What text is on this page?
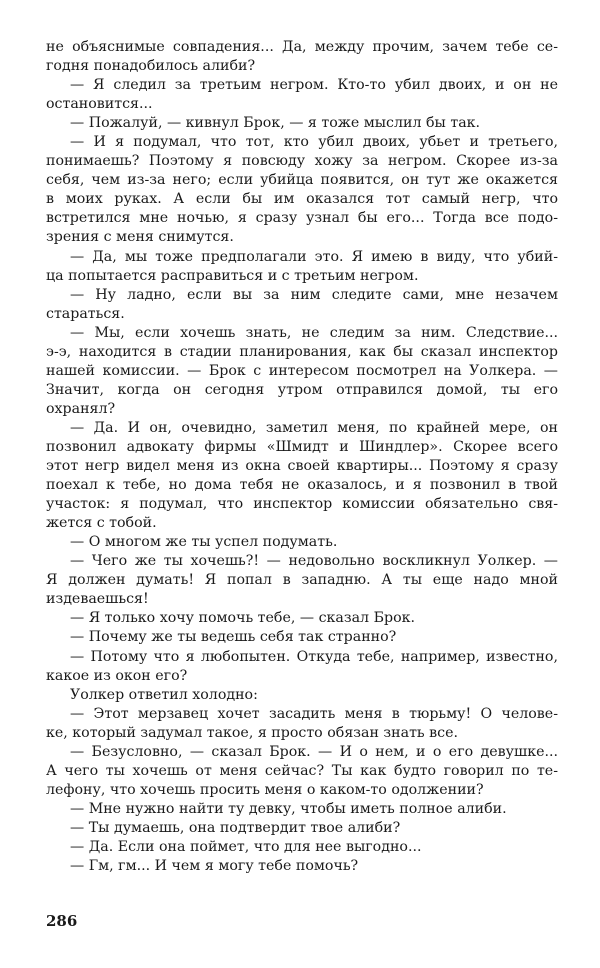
не объяснимые совпадения... Да, между прочим, зачем тебе се-
годня понадобилось алиби?
— Я следил за третьим негром. Кто-то убил двоих, и он не
остановится...
— Пожалуй, — кивнул Брок, — я тоже мыслил бы так.
— И я подумал, что тот, кто убил двоих, убьет и третьего,
понимаешь? Поэтому я повсюду хожу за негром. Скорее из-за
себя, чем из-за него; если убийца появится, он тут же окажется
в моих руках. А если бы им оказался тот самый негр, что
встретился мне ночью, я сразу узнал бы его... Тогда все подо-
зрения с меня снимутся.
— Да, мы тоже предполагали это. Я имею в виду, что убий-
ца попытается расправиться и с третьим негром.
— Ну ладно, если вы за ним следите сами, мне незачем
стараться.
— Мы, если хочешь знать, не следим за ним. Следствие...
э-э, находится в стадии планирования, как бы сказал инспектор
нашей комиссии. — Брок с интересом посмотрел на Уолкера. —
Значит, когда он сегодня утром отправился домой, ты его
охранял?
— Да. И он, очевидно, заметил меня, по крайней мере, он
позвонил адвокату фирмы «Шмидт и Шиндлер». Скорее всего
этот негр видел меня из окна своей квартиры... Поэтому я сразу
поехал к тебе, но дома тебя не оказалось, и я позвонил в твой
участок: я подумал, что инспектор комиссии обязательно свя-
жется с тобой.
— О многом же ты успел подумать.
— Чего же ты хочешь?! — недовольно воскликнул Уолкер. —
Я должен думать! Я попал в западню. А ты еще надо мной
издеваешься!
— Я только хочу помочь тебе, — сказал Брок.
— Почему же ты ведешь себя так странно?
— Потому что я любопытен. Откуда тебе, например, известно,
какое из окон его?
Уолкер ответил холодно:
— Этот мерзавец хочет засадить меня в тюрьму! О челове-
ке, который задумал такое, я просто обязан знать все.
— Безусловно, — сказал Брок. — И о нем, и о его девушке...
А чего ты хочешь от меня сейчас? Ты как будто говорил по те-
лефону, что хочешь просить меня о каком-то одолжении?
— Мне нужно найти ту девку, чтобы иметь полное алиби.
— Ты думаешь, она подтвердит твое алиби?
— Да. Если она поймет, что для нее выгодно...
— Гм, гм... И чем я могу тебе помочь?
286
